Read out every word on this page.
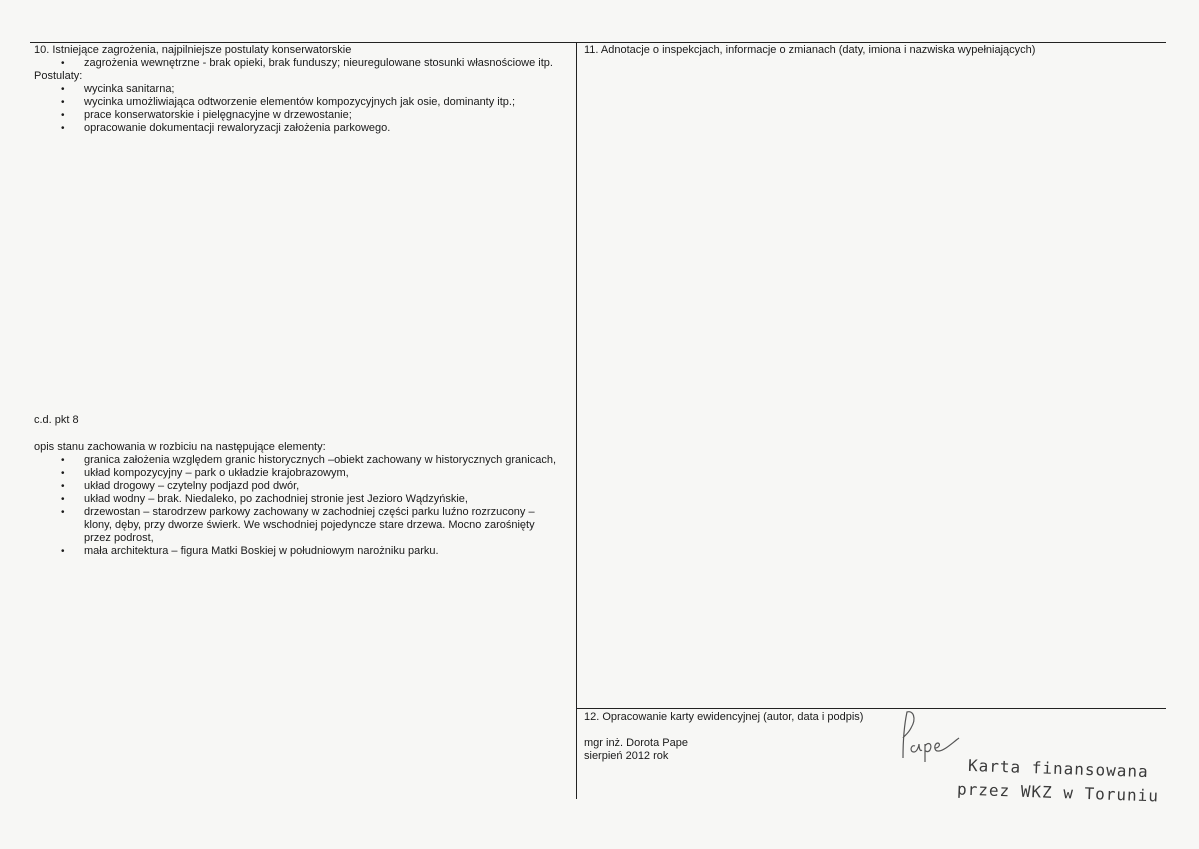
10. Istniejące zagrożenia, najpilniejsze postulaty konserwatorskie
• zagrożenia wewnętrzne - brak opieki, brak funduszy; nieuregulowane stosunki własnościowe itp.
Postulaty:
• wycinka sanitarna;
• wycinka umożliwiająca odtworzenie elementów kompozycyjnych jak osie, dominanty itp.;
• prace konserwatorskie i pielęgnacyjne w drzewostanie;
• opracowanie dokumentacji rewaloryzacji założenia parkowego.
c.d. pkt 8
opis stanu zachowania w rozbiciu na następujące elementy:
• granica założenia względem granic historycznych –obiekt zachowany w historycznych granicach,
• układ kompozycyjny – park o układzie krajobrazowym,
• układ drogowy – czytelny podjazd pod dwór,
• układ wodny – brak. Niedaleko, po zachodniej stronie jest Jezioro Wądzyńskie,
• drzewostan – starodrzew parkowy zachowany w zachodniej części parku luźno rozrzucony – klony, dęby, przy dworze świerk. We wschodniej pojedyncze stare drzewa. Mocno zarośnięty przez podrost,
• mała architektura – figura Matki Boskiej w południowym narożniku parku.
11. Adnotacje o inspekcjach, informacje o zmianach (daty, imiona i nazwiska wypełniających)
12. Opracowanie karty ewidencyjnej (autor, data i podpis)
mgr inż. Dorota Pape
sierpień 2012 rok	Karta finansowana
przez WKZ w Toruniu
